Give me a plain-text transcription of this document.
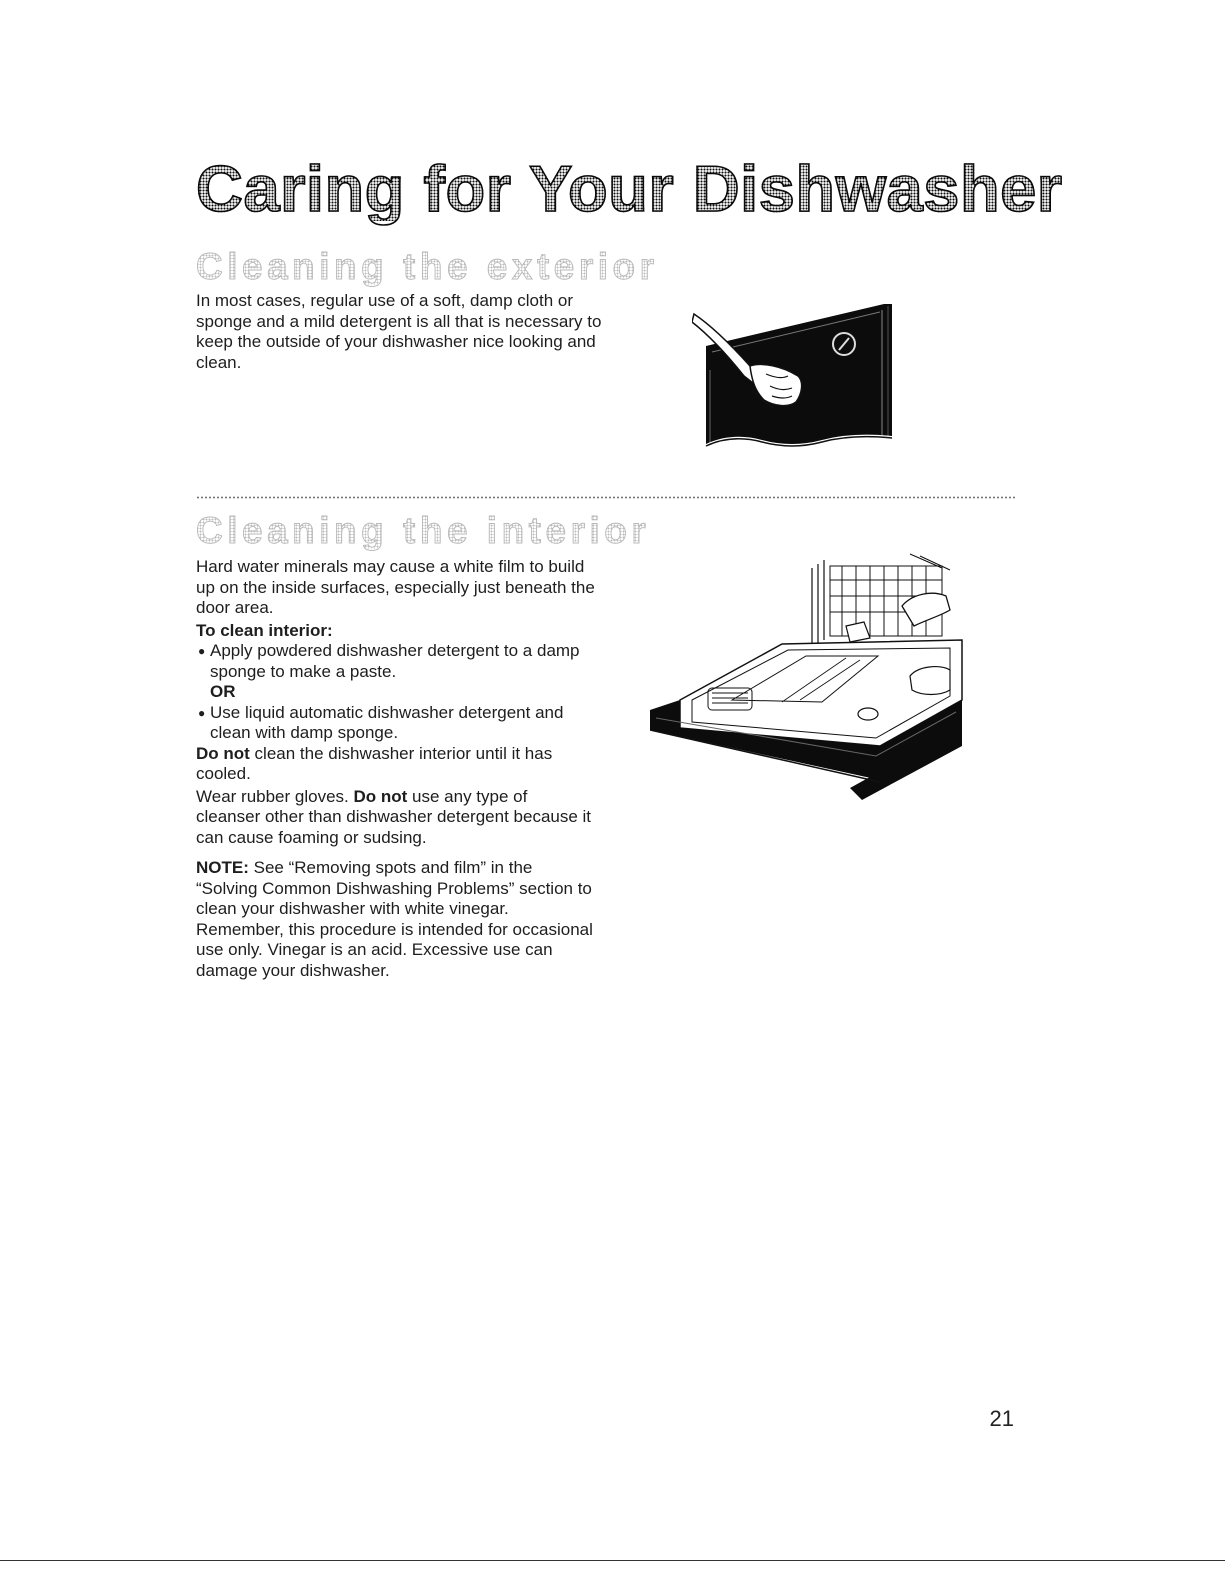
Caring for Your Dishwasher
Cleaning the exterior

In most cases, regular use of a soft, damp cloth or sponge and a mild detergent is all that is necessary to keep the outside of your dishwasher nice looking and clean.

Cleaning the interior

Hard water minerals may cause a white film to build up on the inside surfaces, especially just beneath the door area.

To clean interior:

● Apply powdered dishwasher detergent to a damp sponge to make a paste.

OR

● Use liquid automatic dishwasher detergent and clean with damp sponge.

Do not clean the dishwasher interior until it has cooled.

Wear rubber gloves. Do not use any type of cleanser other than dishwasher detergent because it can cause foaming or sudsing.

NOTE: See “Removing spots and film” in the “Solving Common Dishwashing Problems” section to clean your dishwasher with white vinegar. Remember, this procedure is intended for occasional use only. Vinegar is an acid. Excessive use can damage your dishwasher.

21
